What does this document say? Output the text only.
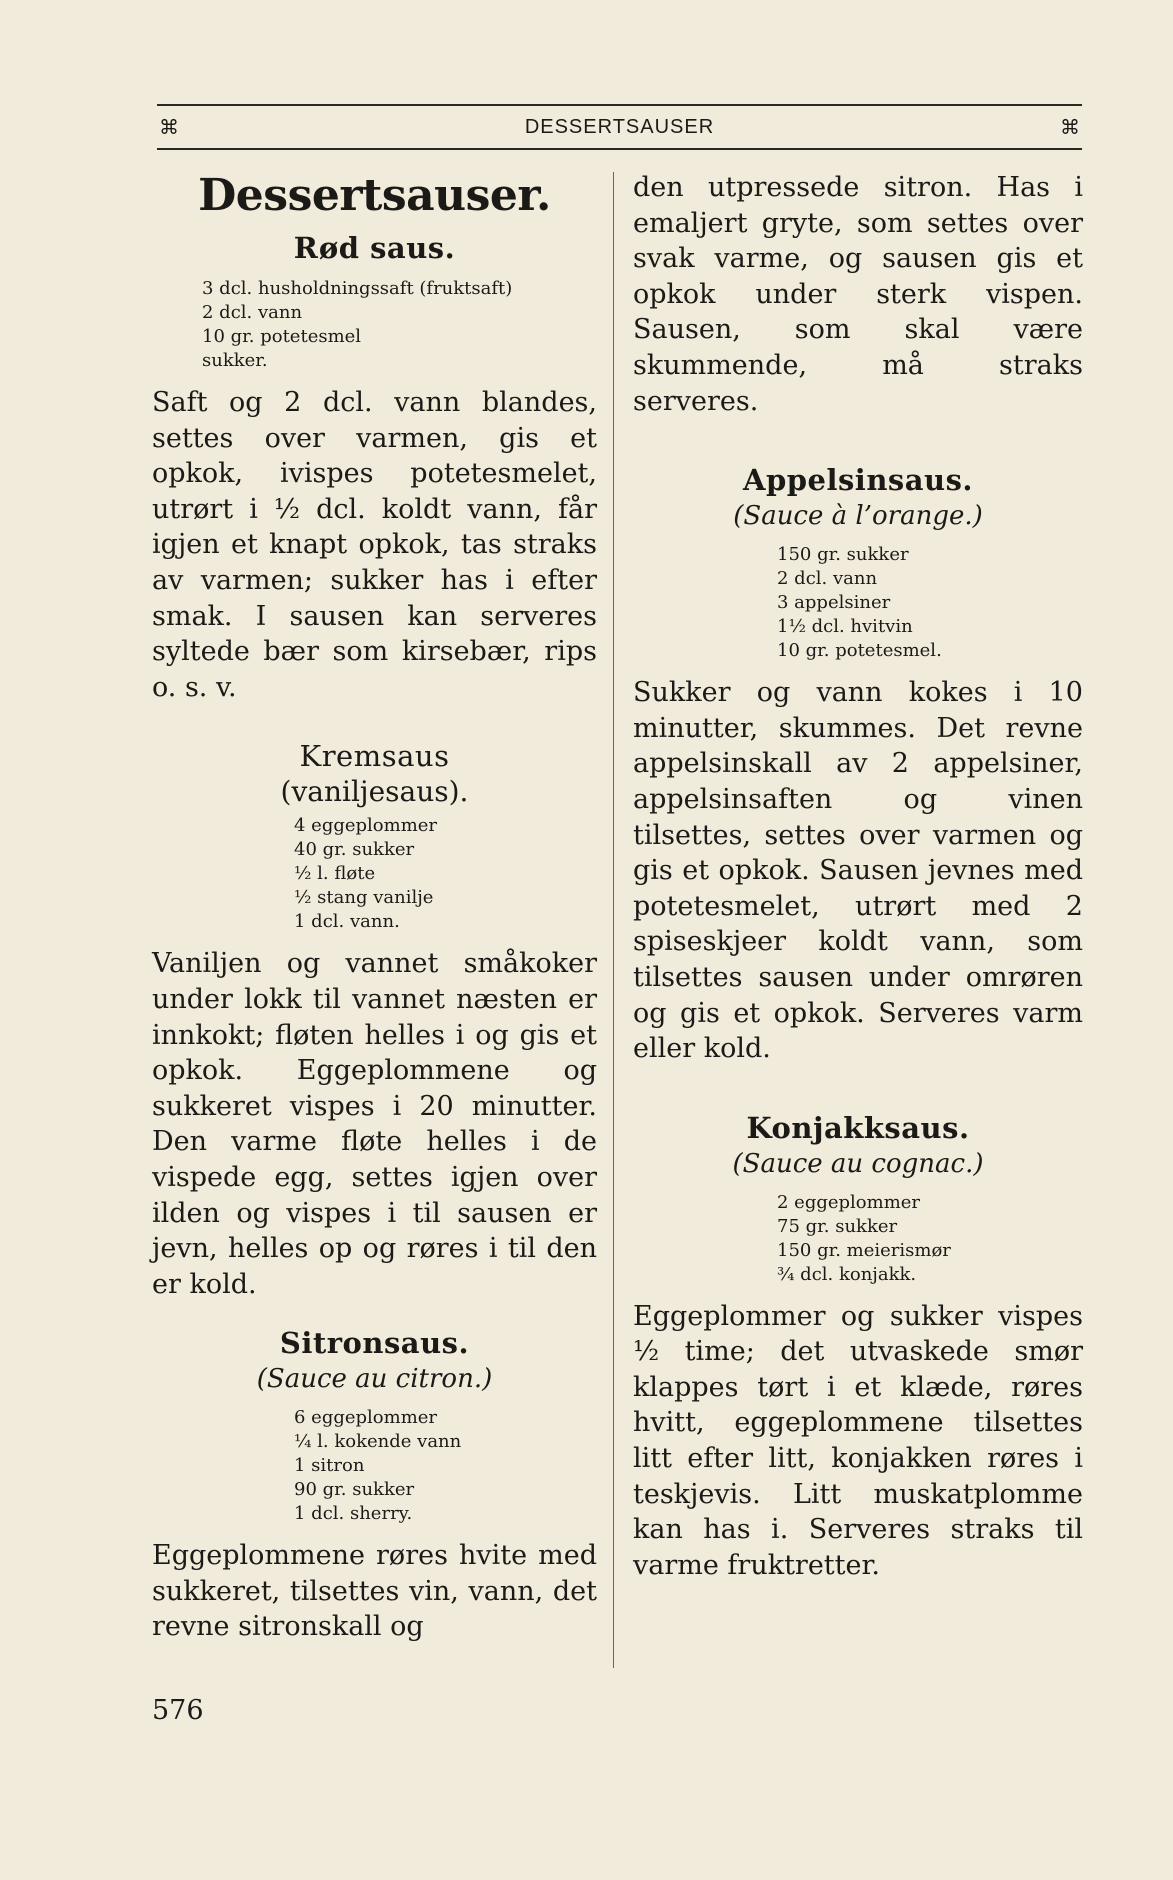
⌘	DESSERTSAUSER	⌘
Dessertsauser.
Rød saus.
3 dcl. husholdningssaft (fruktsaft)
2 dcl. vann
10 gr. potetesmel
sukker.

Saft og 2 dcl. vann blandes, settes over varmen, gis et opkok, ivispes potetesmelet, utrørt i ½ dcl. koldt vann, får igjen et knapt opkok, tas straks av varmen; sukker has i efter smak. I sausen kan serveres syltede bær som kirsebær, rips o. s. v.

Kremsaus
(vaniljesaus).
4 eggeplommer
40 gr. sukker
½ l. fløte
½ stang vanilje
1 dcl. vann.

Vaniljen og vannet småkoker under lokk til vannet næsten er innkokt; fløten helles i og gis et opkok. Eggeplommene og sukkeret vispes i 20 minutter. Den varme fløte helles i de vispede egg, settes igjen over ilden og vispes i til sausen er jevn, helles op og røres i til den er kold.

Sitronsaus.
(Sauce au citron.)
6 eggeplommer
¼ l. kokende vann
1 sitron
90 gr. sukker
1 dcl. sherry.

Eggeplommene røres hvite med sukkeret, tilsettes vin, vann, det revne sitronskall og

den utpressede sitron. Has i emaljert gryte, som settes over svak varme, og sausen gis et opkok under sterk vispen. Sausen, som skal være skummende, må straks serveres.

Appelsinsaus.
(Sauce à l’orange.)
150 gr. sukker
2 dcl. vann
3 appelsiner
1½ dcl. hvitvin
10 gr. potetesmel.

Sukker og vann kokes i 10 minutter, skummes. Det revne appelsinskall av 2 appelsiner, appelsinsaften og vinen tilsettes, settes over varmen og gis et opkok. Sausen jevnes med potetesmelet, utrørt med 2 spiseskjeer koldt vann, som tilsettes sausen under omrøren og gis et opkok. Serveres varm eller kold.

Konjakksaus.
(Sauce au cognac.)
2 eggeplommer
75 gr. sukker
150 gr. meierismør
¾ dcl. konjakk.

Eggeplommer og sukker vispes ½ time; det utvaskede smør klappes tørt i et klæde, røres hvitt, eggeplommene tilsettes litt efter litt, konjakken røres i teskjevis. Litt muskatplomme kan has i. Serveres straks til varme fruktretter.

576
